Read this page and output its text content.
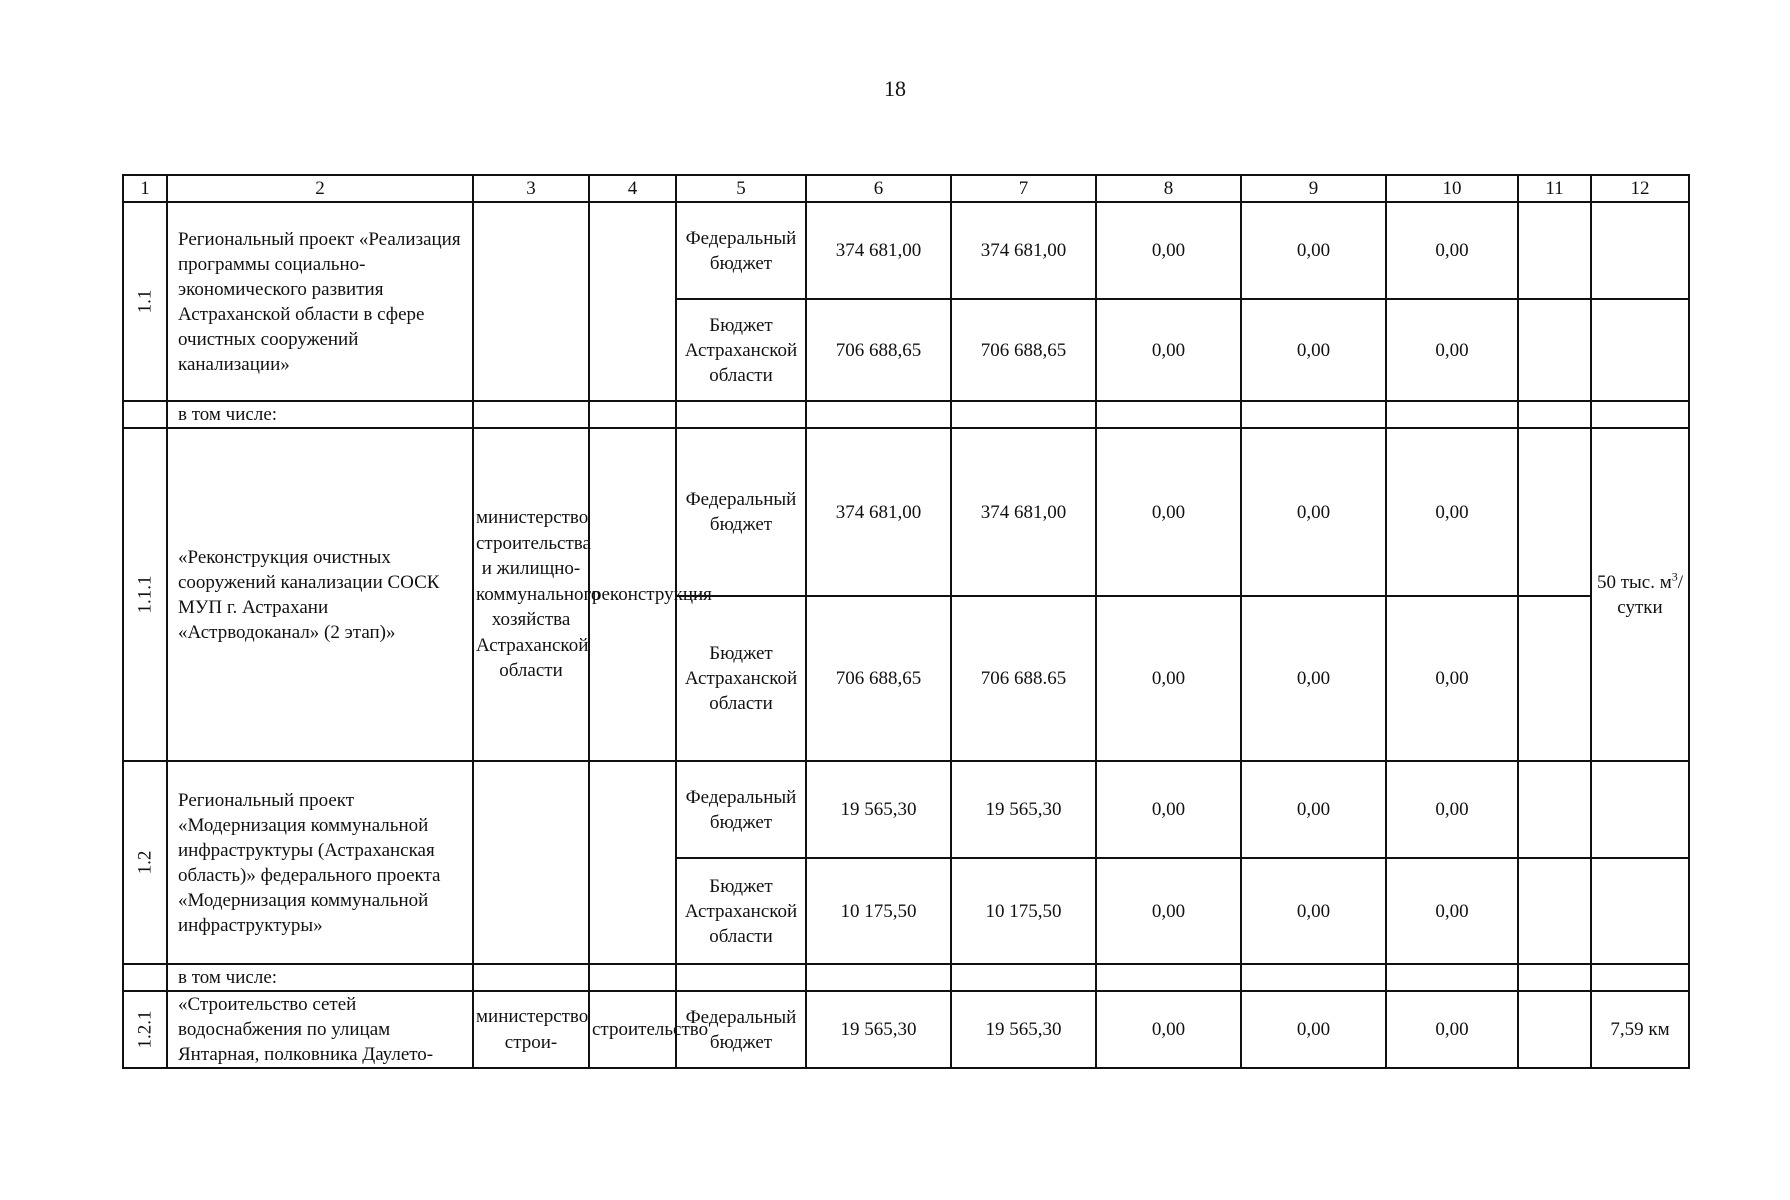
18
1	2	3	4	5	6	7	8	9	10	11	12
1.1	Региональный проект «Реализация программы социально-экономического развития Астраханской области в сфере очистных сооружений канализации»			Федеральный бюджет	374 681,00	374 681,00	0,00	0,00	0,00		
				Бюджет Астраханской области	706 688,65	706 688,65	0,00	0,00	0,00		
	в том числе:										
1.1.1	«Реконструкция очистных сооружений канализации СОСК МУП г. Астрахани «Астрводоканал» (2 этап)»	министерство строительства и жилищно-коммунального хозяйства Астраханской области	реконструкция	Федеральный бюджет	374 681,00	374 681,00	0,00	0,00	0,00		50 тыс. $м^3$/сутки
				Бюджет Астраханской области	706 688,65	706 688.65	0,00	0,00	0,00		
1.2	Региональный проект «Модернизация коммунальной инфраструктуры (Астраханская область)» федерального проекта «Модернизация коммунальной инфраструктуры»			Федеральный бюджет	19 565,30	19 565,30	0,00	0,00	0,00		
				Бюджет Астраханской области	10 175,50	10 175,50	0,00	0,00	0,00		
	в том числе:										
1.2.1	«Строительство сетей водоснабжения по улицам Янтарная, полковника Даулето-	министерство строи-	строительство	Федеральный бюджет	19 565,30	19 565,30	0,00	0,00	0,00		7,59 км
